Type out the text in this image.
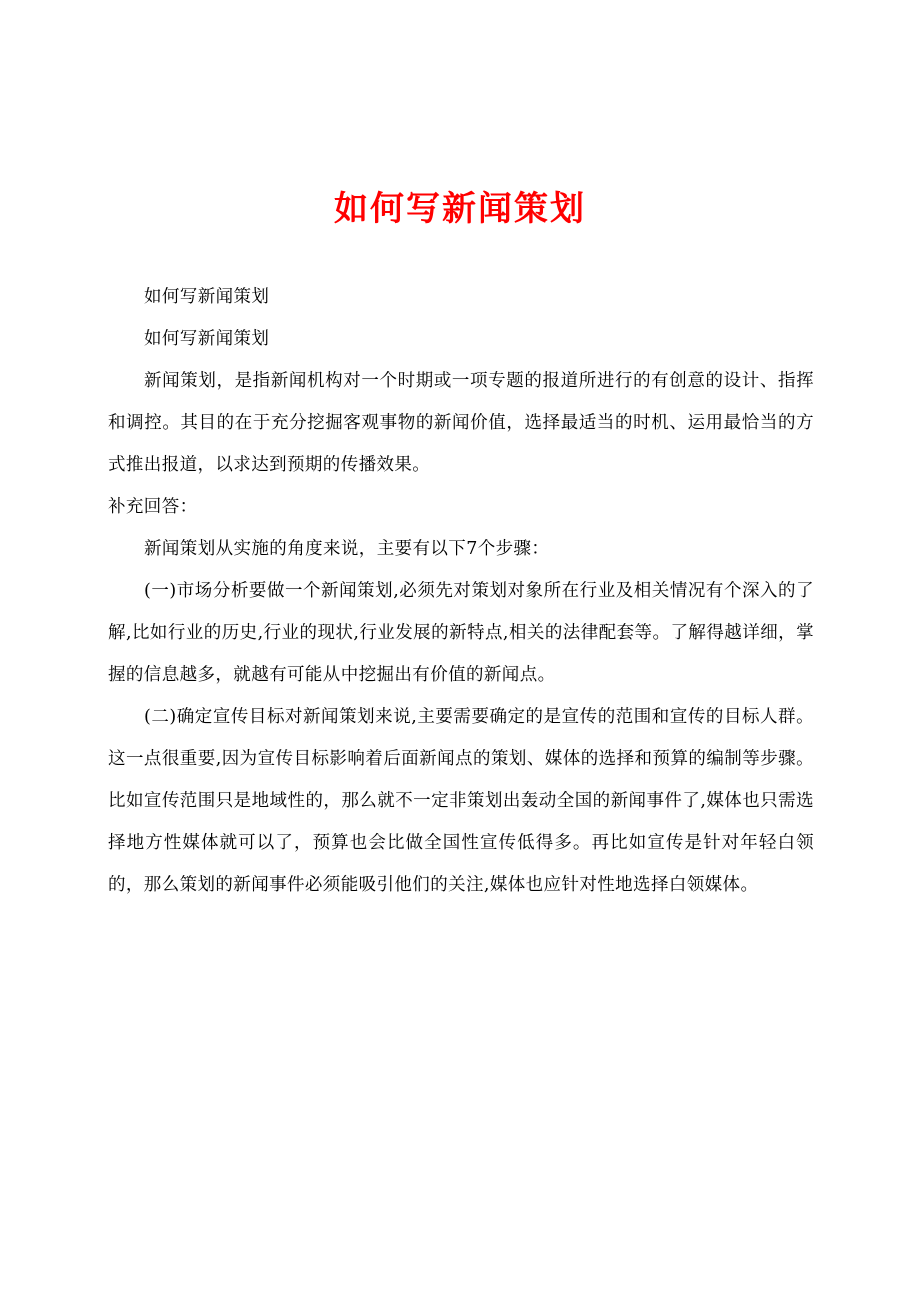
如何写新闻策划

如何写新闻策划

如何写新闻策划

新闻策划，是指新闻机构对一个时期或一项专题的报道所进行的有创意的设计、指挥和调控。其目的在于充分挖掘客观事物的新闻价值，选择最适当的时机、运用最恰当的方式推出报道，以求达到预期的传播效果。

补充回答：

新闻策划从实施的角度来说，主要有以下7个步骤：

(一)市场分析要做一个新闻策划,必须先对策划对象所在行业及相关情况有个深入的了解,比如行业的历史,行业的现状,行业发展的新特点,相关的法律配套等。了解得越详细，掌握的信息越多，就越有可能从中挖掘出有价值的新闻点。

(二)确定宣传目标对新闻策划来说,主要需要确定的是宣传的范围和宣传的目标人群。这一点很重要,因为宣传目标影响着后面新闻点的策划、媒体的选择和预算的编制等步骤。比如宣传范围只是地域性的，那么就不一定非策划出轰动全国的新闻事件了,媒体也只需选择地方性媒体就可以了，预算也会比做全国性宣传低得多。再比如宣传是针对年轻白领的，那么策划的新闻事件必须能吸引他们的关注,媒体也应针对性地选择白领媒体。
